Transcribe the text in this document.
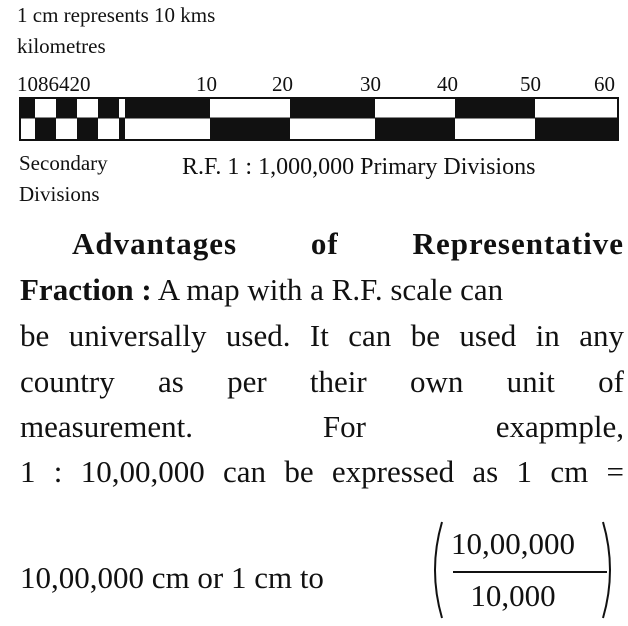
1 cm represents 10 kms
kilometres
1086420	10	20	30	40	50	60
Secondary
Divisions
R.F. 1 : 1,000,000 Primary Divisions
Advantages of Representative
Fraction : A map with a R.F. scale can
be universally used. It can be used in any
country as per their own unit of
measurement. For exapmple,
1 : 10,00,000 can be expressed as 1 cm =
10,00,000 cm or 1 cm to
10,00,000
10,000
